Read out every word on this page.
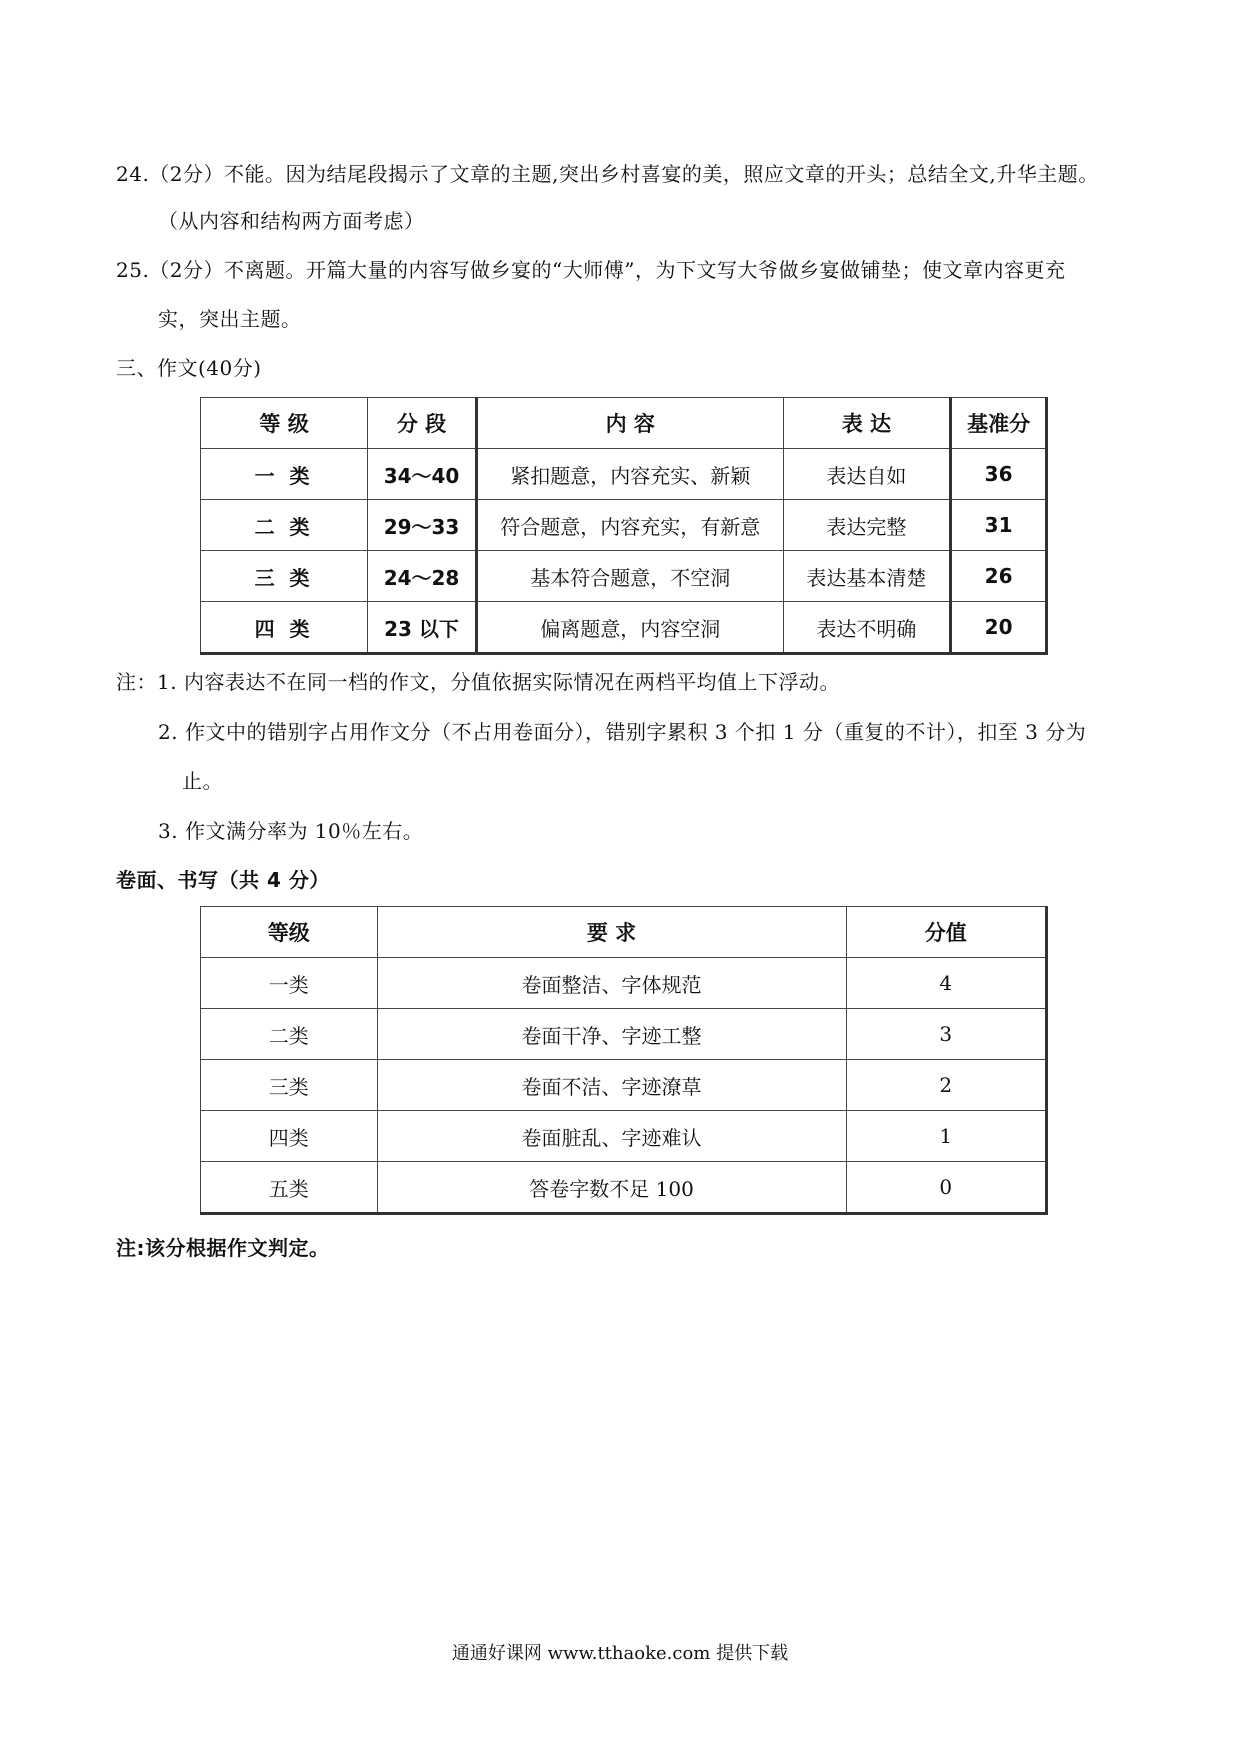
24.（2分）不能。因为结尾段揭示了文章的主题,突出乡村喜宴的美，照应文章的开头；总结全文,升华主题。
（从内容和结构两方面考虑）
25.（2分）不离题。开篇大量的内容写做乡宴的“大师傅”，为下文写大爷做乡宴做铺垫；使文章内容更充
实，突出主题。
三、作文(40分)
等 级	分 段	内 容	表 达	基准分
一 类	34～40	紧扣题意，内容充实、新颖	表达自如	36
二 类	29～33	符合题意，内容充实，有新意	表达完整	31
三 类	24～28	基本符合题意，不空洞	表达基本清楚	26
四 类	23 以下	偏离题意，内容空洞	表达不明确	20
注：1. 内容表达不在同一档的作文，分值依据实际情况在两档平均值上下浮动。
2. 作文中的错别字占用作文分（不占用卷面分），错别字累积 3 个扣 1 分（重复的不计），扣至 3 分为
止。
3. 作文满分率为 10％左右。
卷面、书写（共 4 分）
等级	要 求	分值
一类	卷面整洁、字体规范	4
二类	卷面干净、字迹工整	3
三类	卷面不洁、字迹潦草	2
四类	卷面脏乱、字迹难认	1
五类	答卷字数不足 100	0
注:该分根据作文判定。
通通好课网 www.tthaoke.com 提供下载
